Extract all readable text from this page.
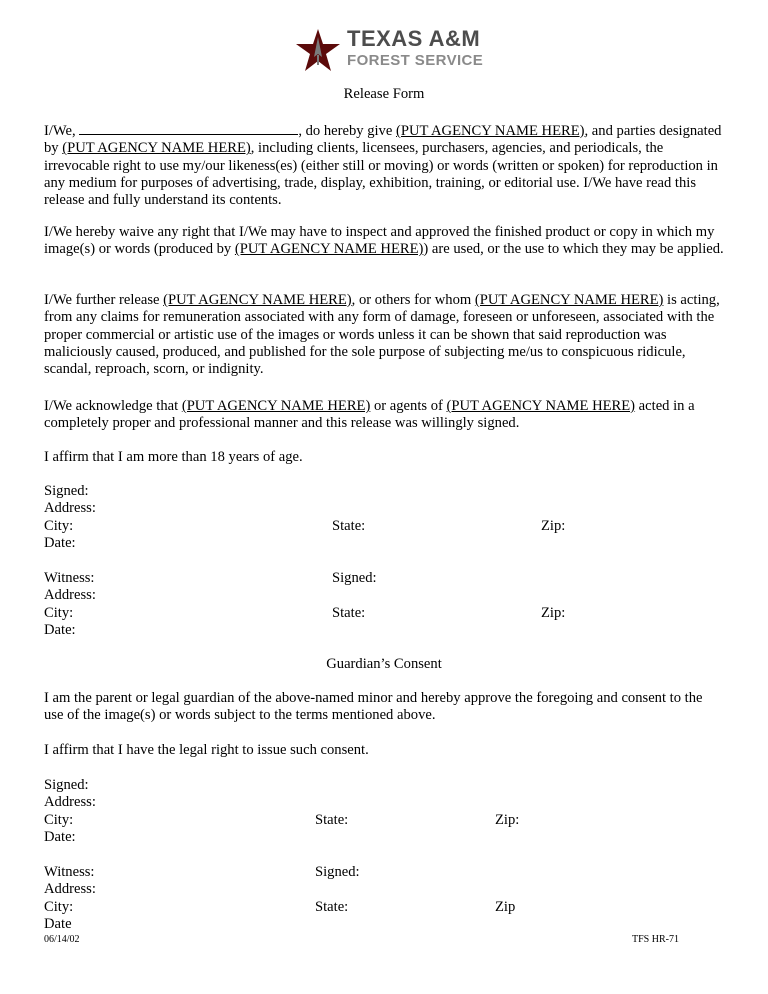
TEXAS A&M
FOREST SERVICE
Release Form

I/We,	, do hereby give (PUT AGENCY NAME HERE), and parties designated by (PUT AGENCY NAME HERE), including clients, licensees, purchasers, agencies, and periodicals, the irrevocable right to use my/our likeness(es) (either still or moving) or words (written or spoken) for reproduction in any medium for purposes of advertising, trade, display, exhibition, training, or editorial use. I/We have read this release and fully understand its contents.

I/We hereby waive any right that I/We may have to inspect and approved the finished product or copy in which my image(s) or words (produced by (PUT AGENCY NAME HERE)) are used, or the use to which they may be applied.

I/We further release (PUT AGENCY NAME HERE), or others for whom (PUT AGENCY NAME HERE) is acting, from any claims for remuneration associated with any form of damage, foreseen or unforeseen, associated with the proper commercial or artistic use of the images or words unless it can be shown that said reproduction was maliciously caused, produced, and published for the sole purpose of subjecting me/us to conspicuous ridicule, scandal, reproach, scorn, or indignity.

I/We acknowledge that (PUT AGENCY NAME HERE) or agents of (PUT AGENCY NAME HERE) acted in a completely proper and professional manner and this release was willingly signed.

I affirm that I am more than 18 years of age.

Signed:
Address:
City:	State:	Zip:
Date:
Witness:	Signed:
Address:
City:	State:	Zip:
Date:
Guardian’s Consent

I am the parent or legal guardian of the above-named minor and hereby approve the foregoing and consent to the use of the image(s) or words subject to the terms mentioned above.

I affirm that I have the legal right to issue such consent.

Signed:
Address:
City:	State:	Zip:
Date:
Witness:	Signed:
Address:
City:	State:	Zip
Date
06/14/02	TFS HR-71
